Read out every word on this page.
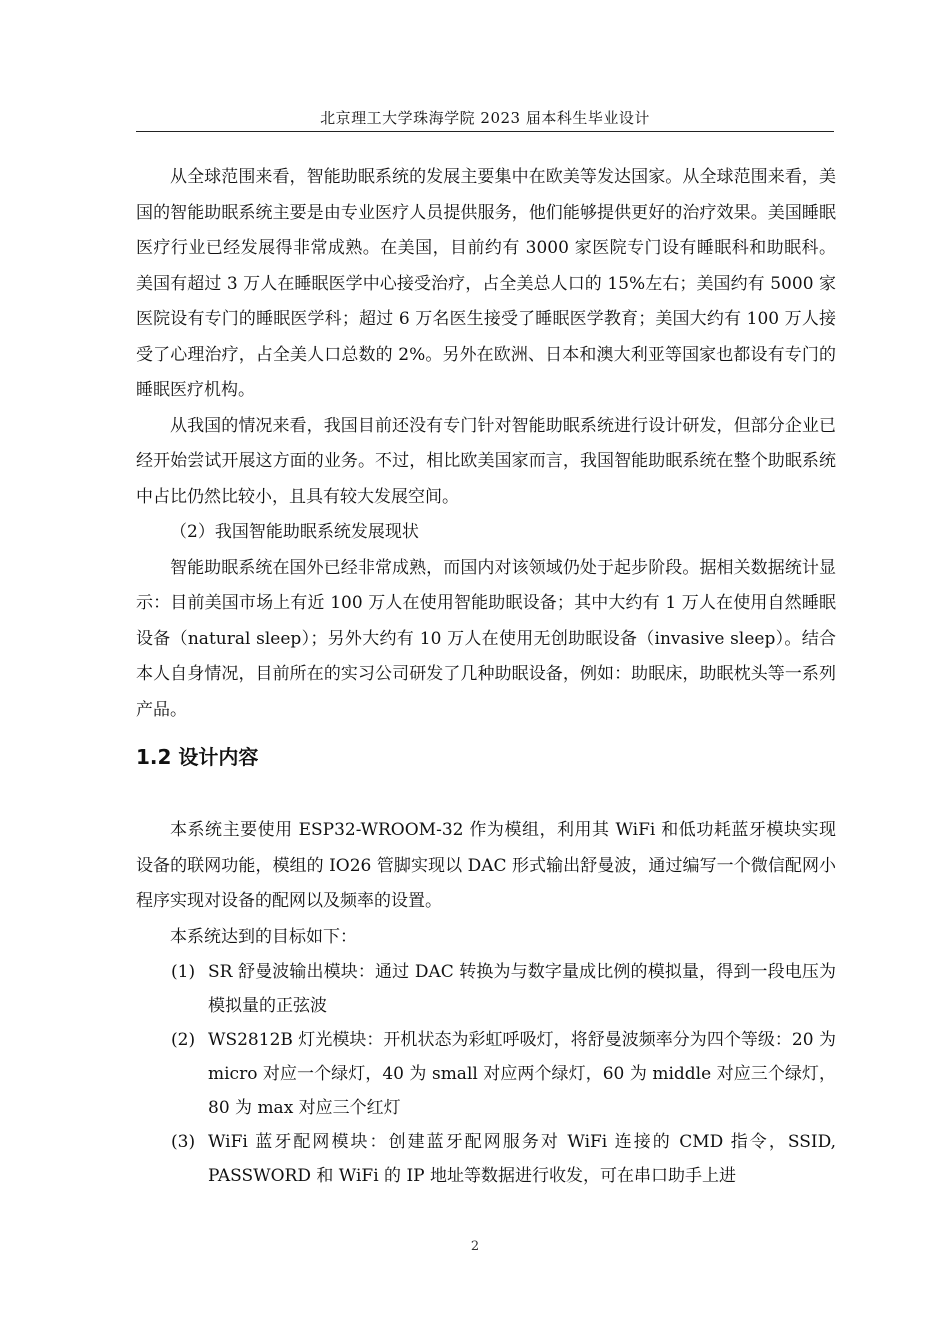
北京理工大学珠海学院 2023 届本科生毕业设计

从全球范围来看，智能助眠系统的发展主要集中在欧美等发达国家。从全球范围来看，美国的智能助眠系统主要是由专业医疗人员提供服务，他们能够提供更好的治疗效果。美国睡眠医疗行业已经发展得非常成熟。在美国，目前约有 3000 家医院专门设有睡眠科和助眠科。美国有超过 3 万人在睡眠医学中心接受治疗，占全美总人口的 15%左右；美国约有 5000 家医院设有专门的睡眠医学科；超过 6 万名医生接受了睡眠医学教育；美国大约有 100 万人接受了心理治疗，占全美人口总数的 2%。另外在欧洲、日本和澳大利亚等国家也都设有专门的睡眠医疗机构。

从我国的情况来看，我国目前还没有专门针对智能助眠系统进行设计研发，但部分企业已经开始尝试开展这方面的业务。不过，相比欧美国家而言，我国智能助眠系统在整个助眠系统中占比仍然比较小，且具有较大发展空间。

（2）我国智能助眠系统发展现状

智能助眠系统在国外已经非常成熟，而国内对该领域仍处于起步阶段。据相关数据统计显示：目前美国市场上有近 100 万人在使用智能助眠设备；其中大约有 1 万人在使用自然睡眠设备（natural sleep）；另外大约有 10 万人在使用无创助眠设备（invasive sleep）。结合本人自身情况，目前所在的实习公司研发了几种助眠设备，例如：助眠床，助眠枕头等一系列产品。

1.2 设计内容

本系统主要使用 ESP32-WROOM-32 作为模组，利用其 WiFi 和低功耗蓝牙模块实现设备的联网功能，模组的 IO26 管脚实现以 DAC 形式输出舒曼波，通过编写一个微信配网小程序实现对设备的配网以及频率的设置。

本系统达到的目标如下：

(1) SR 舒曼波输出模块：通过 DAC 转换为与数字量成比例的模拟量，得到一段电压为模拟量的正弦波
(2) WS2812B 灯光模块：开机状态为彩虹呼吸灯，将舒曼波频率分为四个等级：20 为 micro 对应一个绿灯，40 为 small 对应两个绿灯，60 为 middle 对应三个绿灯，80 为 max 对应三个红灯
(3) WiFi 蓝牙配网模块：创建蓝牙配网服务对 WiFi 连接的 CMD 指令，SSID, PASSWORD 和 WiFi 的 IP 地址等数据进行收发，可在串口助手上进
2
